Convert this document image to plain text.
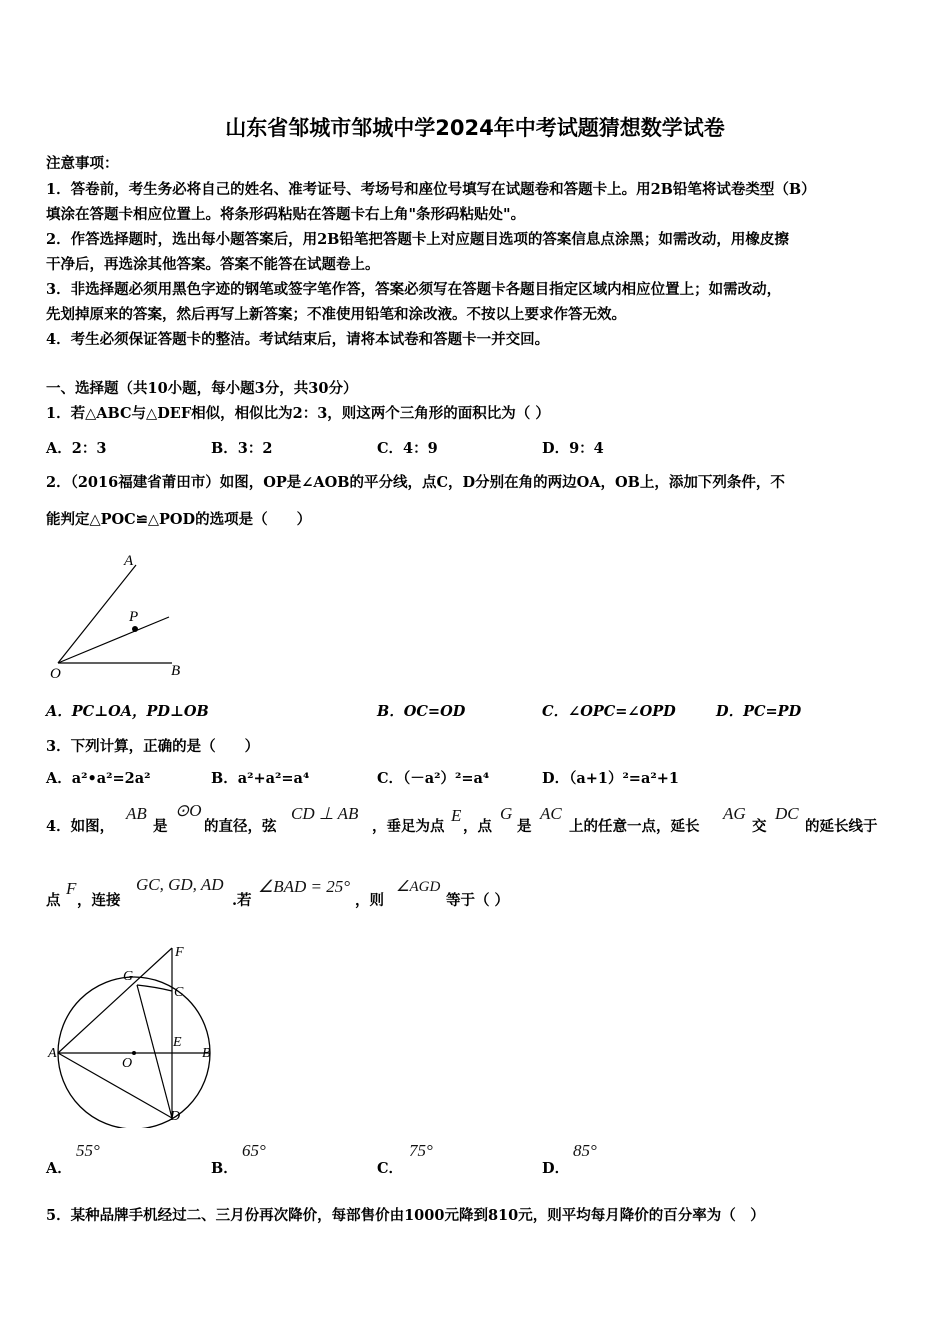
山东省邹城市邹城中学2024年中考试题猜想数学试卷
注意事项：
1．答卷前，考生务必将自己的姓名、准考证号、考场号和座位号填写在试题卷和答题卡上。用2B铅笔将试卷类型（B）
填涂在答题卡相应位置上。将条形码粘贴在答题卡右上角"条形码粘贴处"。
2．作答选择题时，选出每小题答案后，用2B铅笔把答题卡上对应题目选项的答案信息点涂黑；如需改动，用橡皮擦
干净后，再选涂其他答案。答案不能答在试题卷上。
3．非选择题必须用黑色字迹的钢笔或签字笔作答，答案必须写在答题卡各题目指定区域内相应位置上；如需改动，
先划掉原来的答案，然后再写上新答案；不准使用铅笔和涂改液。不按以上要求作答无效。
4．考生必须保证答题卡的整洁。考试结束后，请将本试卷和答题卡一并交回。
一、选择题（共10小题，每小题3分，共30分）
1．若△ABC与△DEF相似，相似比为2：3，则这两个三角形的面积比为（ ）
A．2：3	B．3：2	C．4：9	D．9：4
2．（2016福建省莆田市）如图，OP是∠AOB的平分线，点C，D分别在角的两边OA，OB上，添加下列条件，不
能判定△POC≌△POD的选项是（　　）
A
P
O	B
A．PC⊥OA，PD⊥OB	B．OC=OD	C．∠OPC=∠OPD	D．PC=PD
3．下列计算，正确的是（　　）
A．a²•a²=2a²	B．a²+a²=a⁴	C．（－a²）²=a⁴	D．（a+1）²=a²+1
4．如图，
AB
是
⊙O
的直径，弦
CD ⊥ AB
，垂足为点
E
，点
G
是
AC
上的任意一点，延长
AG
交
DC
的延长线于
点
F
，连接
GC, GD, AD
.若
∠BAD = 25°
，则
∠AGD
等于（ ）
F
G
C
A
O
E
B
D
A．
55°
B．
65°
C．
75°
D．
85°
5．某种品牌手机经过二、三月份再次降价，每部售价由1000元降到810元，则平均每月降价的百分率为（　）
